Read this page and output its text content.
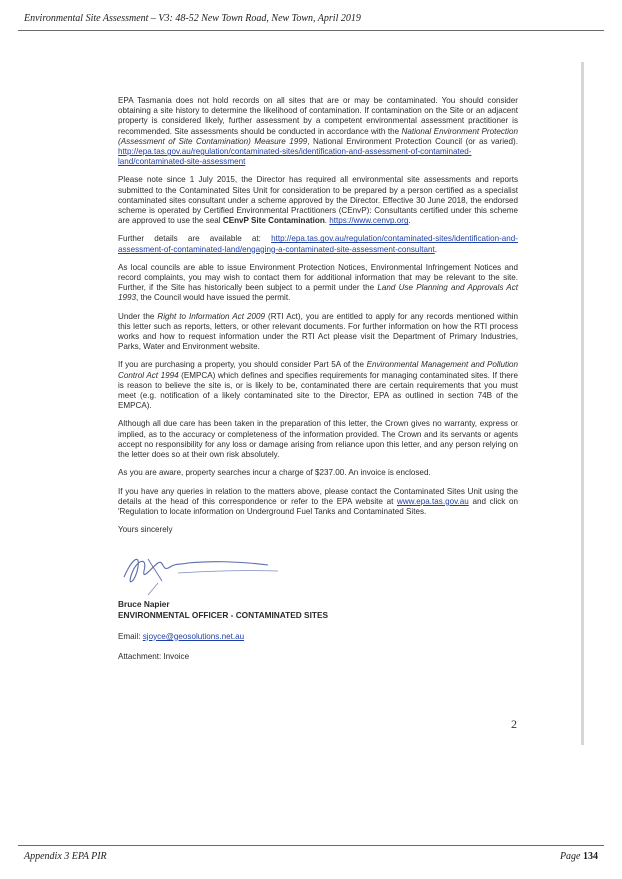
Environmental Site Assessment – V3: 48-52 New Town Road, New Town, April 2019

EPA Tasmania does not hold records on all sites that are or may be contaminated. You should consider obtaining a site history to determine the likelihood of contamination. If contamination on the Site or an adjacent property is considered likely, further assessment by a competent environmental assessment practitioner is recommended. Site assessments should be conducted in accordance with the National Environment Protection (Assessment of Site Contamination) Measure 1999, National Environment Protection Council (or as varied). http://epa.tas.gov.au/regulation/contaminated-sites/identification-and-assessment-of-contaminated-land/contaminated-site-assessment

Please note since 1 July 2015, the Director has required all environmental site assessments and reports submitted to the Contaminated Sites Unit for consideration to be prepared by a person certified as a specialist contaminated sites consultant under a scheme approved by the Director. Effective 30 June 2018, the endorsed scheme is operated by Certified Environmental Practitioners (CEnvP): Consultants certified under this scheme are approved to use the seal CEnvP Site Contamination. https://www.cenvp.org.

Further details are available at: http://epa.tas.gov.au/regulation/contaminated-sites/identification-and-assessment-of-contaminated-land/engaging-a-contaminated-site-assessment-consultant.

As local councils are able to issue Environment Protection Notices, Environmental Infringement Notices and record complaints, you may wish to contact them for additional information that may be relevant to the site. Further, if the Site has historically been subject to a permit under the Land Use Planning and Approvals Act 1993, the Council would have issued the permit.

Under the Right to Information Act 2009 (RTI Act), you are entitled to apply for any records mentioned within this letter such as reports, letters, or other relevant documents. For further information on how the RTI process works and how to request information under the RTI Act please visit the Department of Primary Industries, Parks, Water and Environment website.

If you are purchasing a property, you should consider Part 5A of the Environmental Management and Pollution Control Act 1994 (EMPCA) which defines and specifies requirements for managing contaminated sites. If there is reason to believe the site is, or is likely to be, contaminated there are certain requirements that you must meet (e.g. notification of a likely contaminated site to the Director, EPA as outlined in section 74B of the EMPCA).

Although all due care has been taken in the preparation of this letter, the Crown gives no warranty, express or implied, as to the accuracy or completeness of the information provided. The Crown and its servants or agents accept no responsibility for any loss or damage arising from reliance upon this letter, and any person relying on the letter does so at their own risk absolutely.

As you are aware, property searches incur a charge of $237.00. An invoice is enclosed.

If you have any queries in relation to the matters above, please contact the Contaminated Sites Unit using the details at the head of this correspondence or refer to the EPA website at www.epa.tas.gov.au and click on 'Regulation to locate information on Underground Fuel Tanks and Contaminated Sites.

Yours sincerely
Bruce Napier
ENVIRONMENTAL OFFICER - CONTAMINATED SITES
Email: sjoyce@geosolutions.net.au
Attachment: Invoice
2
Appendix 3 EPA PIR	Page 134
